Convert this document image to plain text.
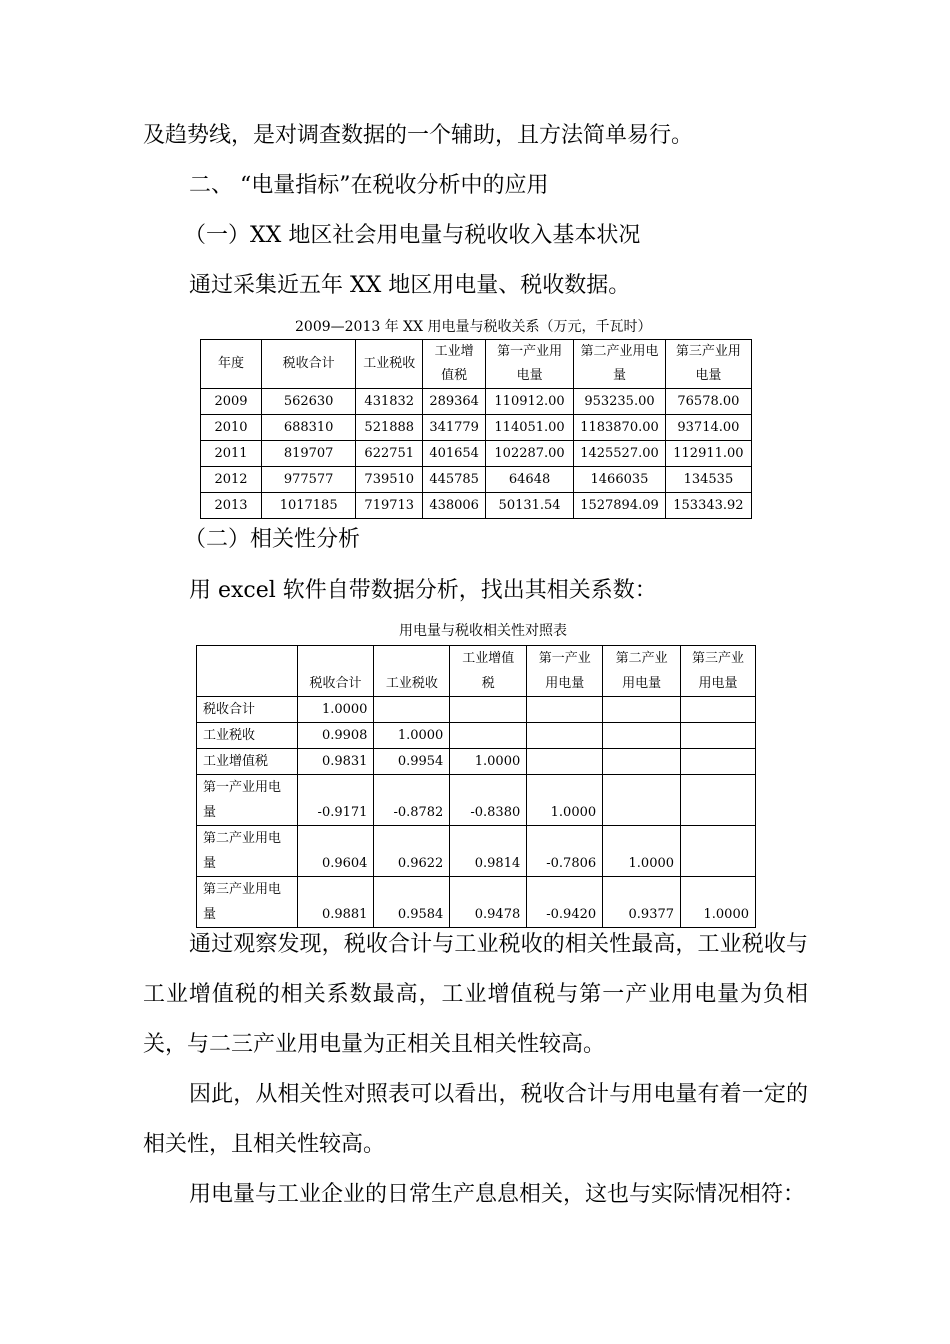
及趋势线，是对调查数据的一个辅助，且方法简单易行。

二、 “电量指标”在税收分析中的应用

（一）XX 地区社会用电量与税收收入基本状况

通过采集近五年 XX 地区用电量、税收数据。

2009—2013 年 XX 用电量与税收关系（万元，千瓦时）

年度	税收合计	工业税收	工业增值税	第一产业用电量	第二产业用电量	第三产业用电量
2009	562630	431832	289364	110912.00	953235.00	76578.00
2010	688310	521888	341779	114051.00	1183870.00	93714.00
2011	819707	622751	401654	102287.00	1425527.00	112911.00
2012	977577	739510	445785	64648	1466035	134535
2013	1017185	719713	438006	50131.54	1527894.09	153343.92

（二）相关性分析

用 excel 软件自带数据分析，找出其相关系数：

用电量与税收相关性对照表

	税收合计	工业税收	工业增值税	第一产业用电量	第二产业用电量	第三产业用电量
税收合计	1.0000					
工业税收	0.9908	1.0000				
工业增值税	0.9831	0.9954	1.0000			
第一产业用电量	-0.9171	-0.8782	-0.8380	1.0000		
第二产业用电量	0.9604	0.9622	0.9814	-0.7806	1.0000	
第三产业用电量	0.9881	0.9584	0.9478	-0.9420	0.9377	1.0000

通过观察发现，税收合计与工业税收的相关性最高，工业税收与工业增值税的相关系数最高，工业增值税与第一产业用电量为负相关，与二三产业用电量为正相关且相关性较高。

因此，从相关性对照表可以看出，税收合计与用电量有着一定的相关性，且相关性较高。

用电量与工业企业的日常生产息息相关，这也与实际情况相符：
